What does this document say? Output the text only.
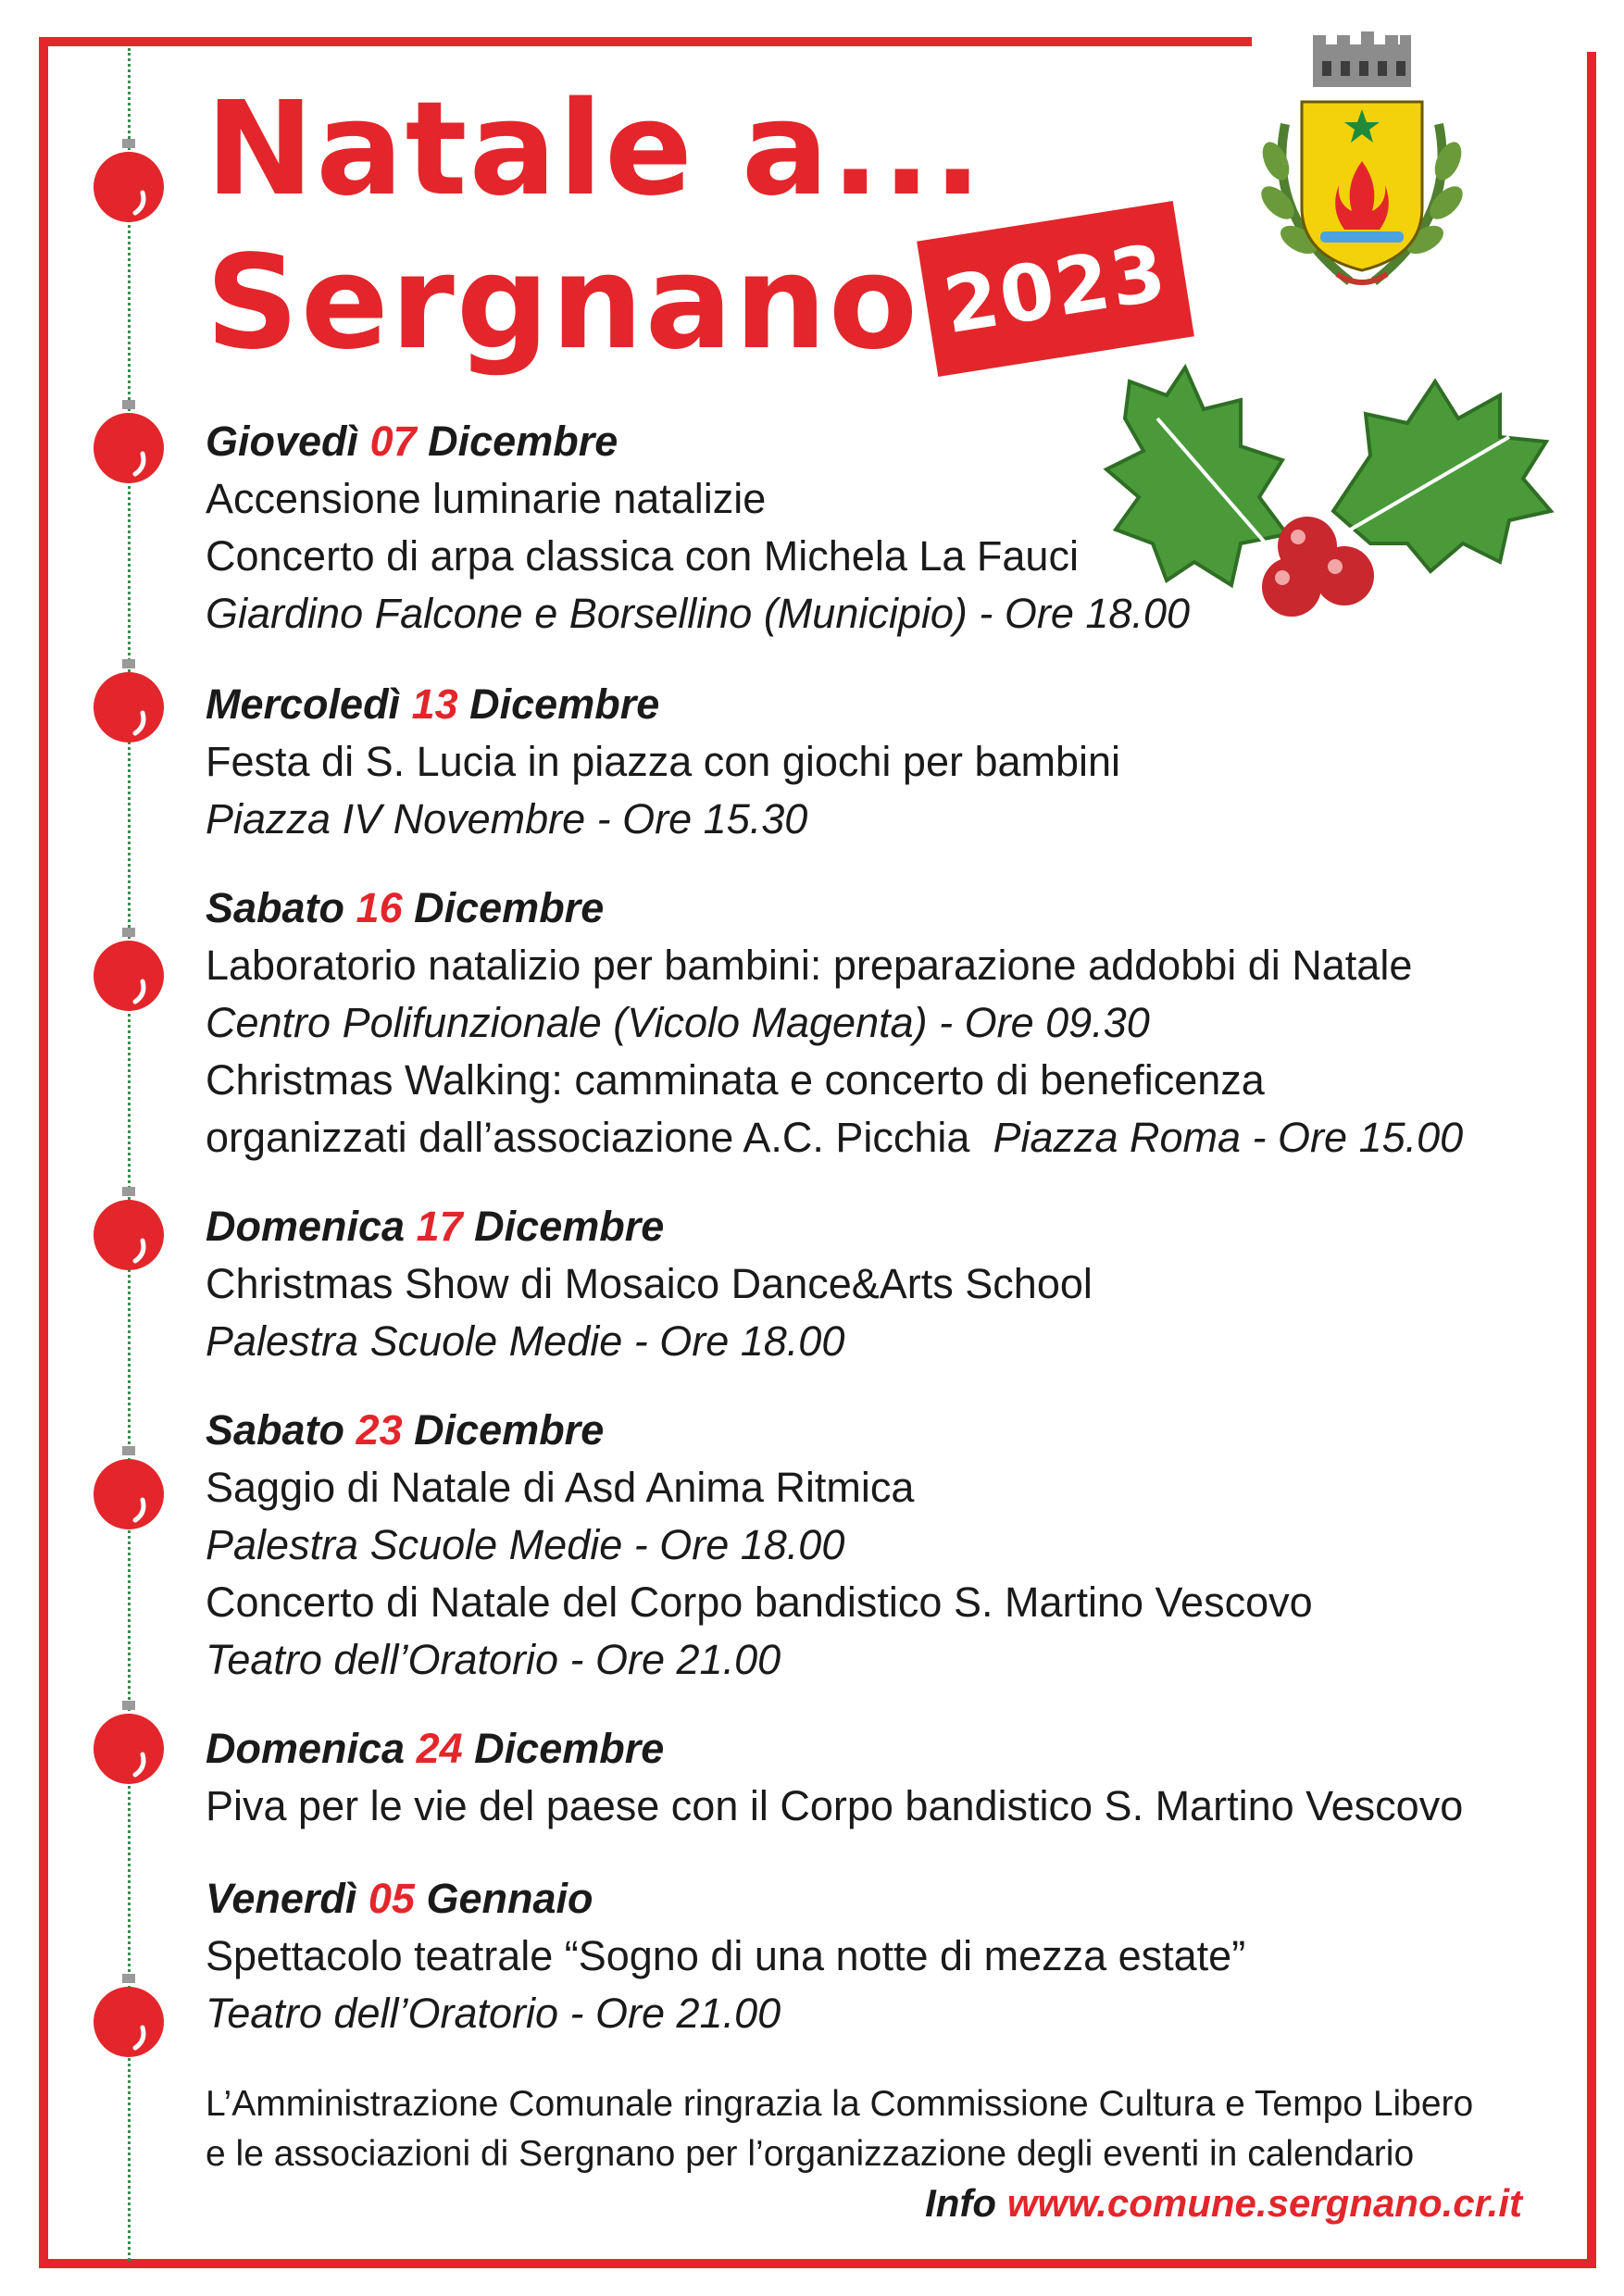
Natale a...
Sergnano 2023

Giovedì 07 Dicembre

Accensione luminarie natalizie

Concerto di arpa classica con Michela La Fauci

Giardino Falcone e Borsellino (Municipio) - Ore 18.00

Mercoledì 13 Dicembre

Festa di S. Lucia in piazza con giochi per bambini

Piazza IV Novembre - Ore 15.30

Sabato 16 Dicembre

Laboratorio natalizio per bambini: preparazione addobbi di Natale

Centro Polifunzionale (Vicolo Magenta) - Ore 09.30

Christmas Walking: camminata e concerto di beneficenza

organizzati dall’associazione A.C. Picchia Piazza Roma - Ore 15.00

Domenica 17 Dicembre

Christmas Show di Mosaico Dance&Arts School

Palestra Scuole Medie - Ore 18.00

Sabato 23 Dicembre

Saggio di Natale di Asd Anima Ritmica

Palestra Scuole Medie - Ore 18.00

Concerto di Natale del Corpo bandistico S. Martino Vescovo

Teatro dell’Oratorio - Ore 21.00

Domenica 24 Dicembre

Piva per le vie del paese con il Corpo bandistico S. Martino Vescovo

Venerdì 05 Gennaio

Spettacolo teatrale “Sogno di una notte di mezza estate”

Teatro dell’Oratorio - Ore 21.00

L’Amministrazione Comunale ringrazia la Commissione Cultura e Tempo Libero

e le associazioni di Sergnano per l’organizzazione degli eventi in calendario

Info www.comune.sergnano.cr.it
